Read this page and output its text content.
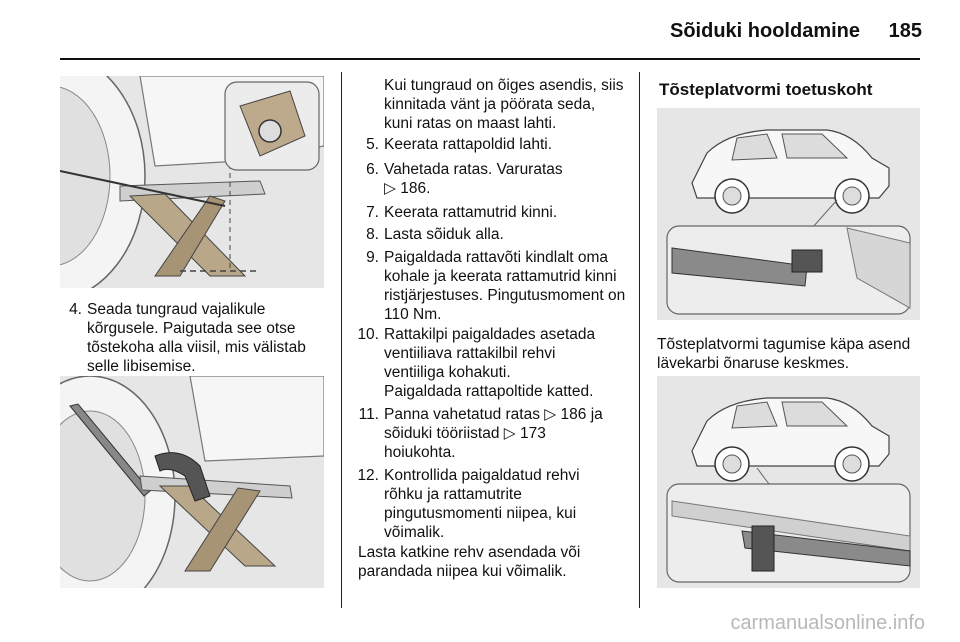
Sõiduki hooldamine	185
4. Seada tungraud vajalikule kõrgusele. Paigutada see otse tõstekoha alla viisil, mis välistab selle libisemise.
Kui tungraud on õiges asendis, siis kinnitada vänt ja pöörata seda, kuni ratas on maast lahti.
5. Keerata rattapoldid lahti.
6. Vahetada ratas. Varuratas
▷ 186.
7. Keerata rattamutrid kinni.
8. Lasta sõiduk alla.
9. Paigaldada rattavõti kindlalt oma kohale ja keerata rattamutrid kinni ristjärjestuses. Pingutusmoment on 110 Nm.
10. Rattakilpi paigaldades asetada ventiiliava rattakilbil rehvi ventiiliga kohakuti.
Paigaldada rattapoltide katted.
11. Panna vahetatud ratas ▷ 186 ja
sõiduki tööriistad ▷ 173
hoiukohta.
12. Kontrollida paigaldatud rehvi rõhku ja rattamutrite pingutusmomenti niipea, kui võimalik.
Lasta katkine rehv asendada või parandada niipea kui võimalik.
Tõsteplatvormi toetuskoht
Tõsteplatvormi tagumise käpa asend lävekarbi õnaruse keskmes.
carmanualsonline.info
